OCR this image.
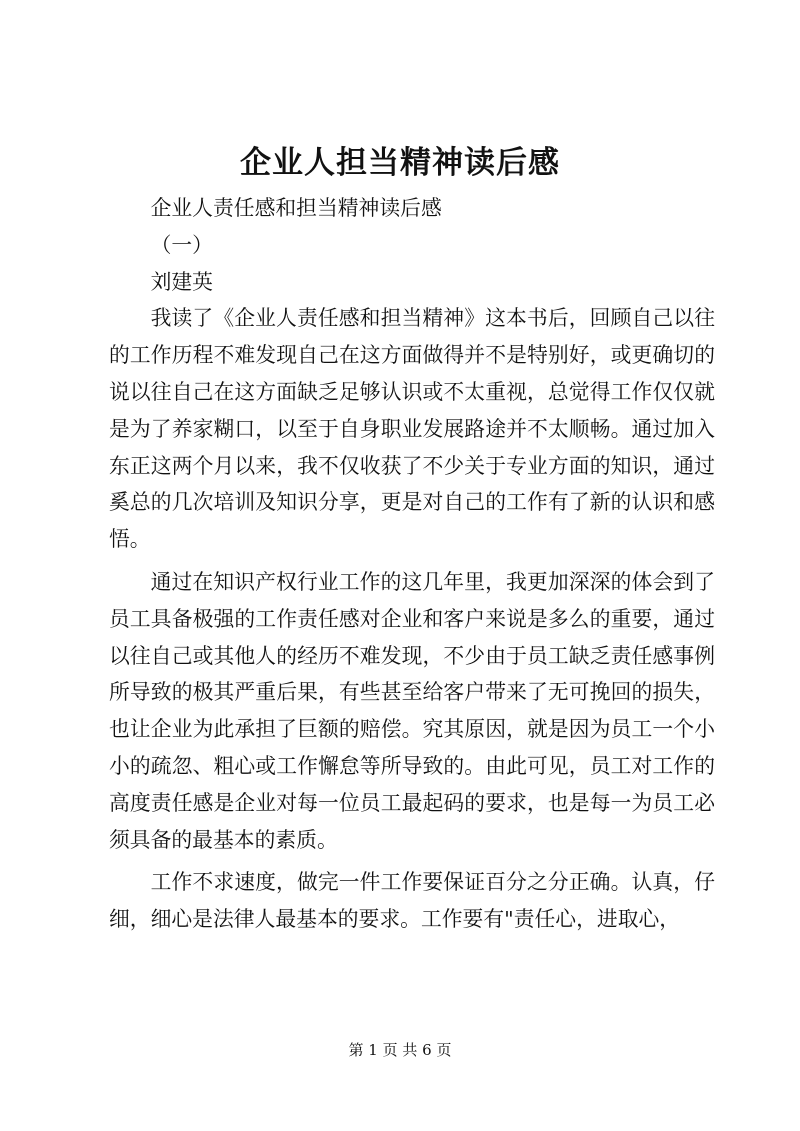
企业人担当精神读后感

企业人责任感和担当精神读后感

（一）

刘建英

我读了《企业人责任感和担当精神》这本书后，回顾自己以往的工作历程不难发现自己在这方面做得并不是特别好，或更确切的说以往自己在这方面缺乏足够认识或不太重视，总觉得工作仅仅就是为了养家糊口，以至于自身职业发展路途并不太顺畅。通过加入东正这两个月以来，我不仅收获了不少关于专业方面的知识，通过奚总的几次培训及知识分享，更是对自己的工作有了新的认识和感悟。

通过在知识产权行业工作的这几年里，我更加深深的体会到了员工具备极强的工作责任感对企业和客户来说是多么的重要，通过以往自己或其他人的经历不难发现，不少由于员工缺乏责任感事例所导致的极其严重后果，有些甚至给客户带来了无可挽回的损失，也让企业为此承担了巨额的赔偿。究其原因，就是因为员工一个小小的疏忽、粗心或工作懈怠等所导致的。由此可见，员工对工作的高度责任感是企业对每一位员工最起码的要求，也是每一为员工必须具备的最基本的素质。

工作不求速度，做完一件工作要保证百分之分正确。认真，仔细，细心是法律人最基本的要求。工作要有"责任心，进取心，

第 1 页 共 6 页
